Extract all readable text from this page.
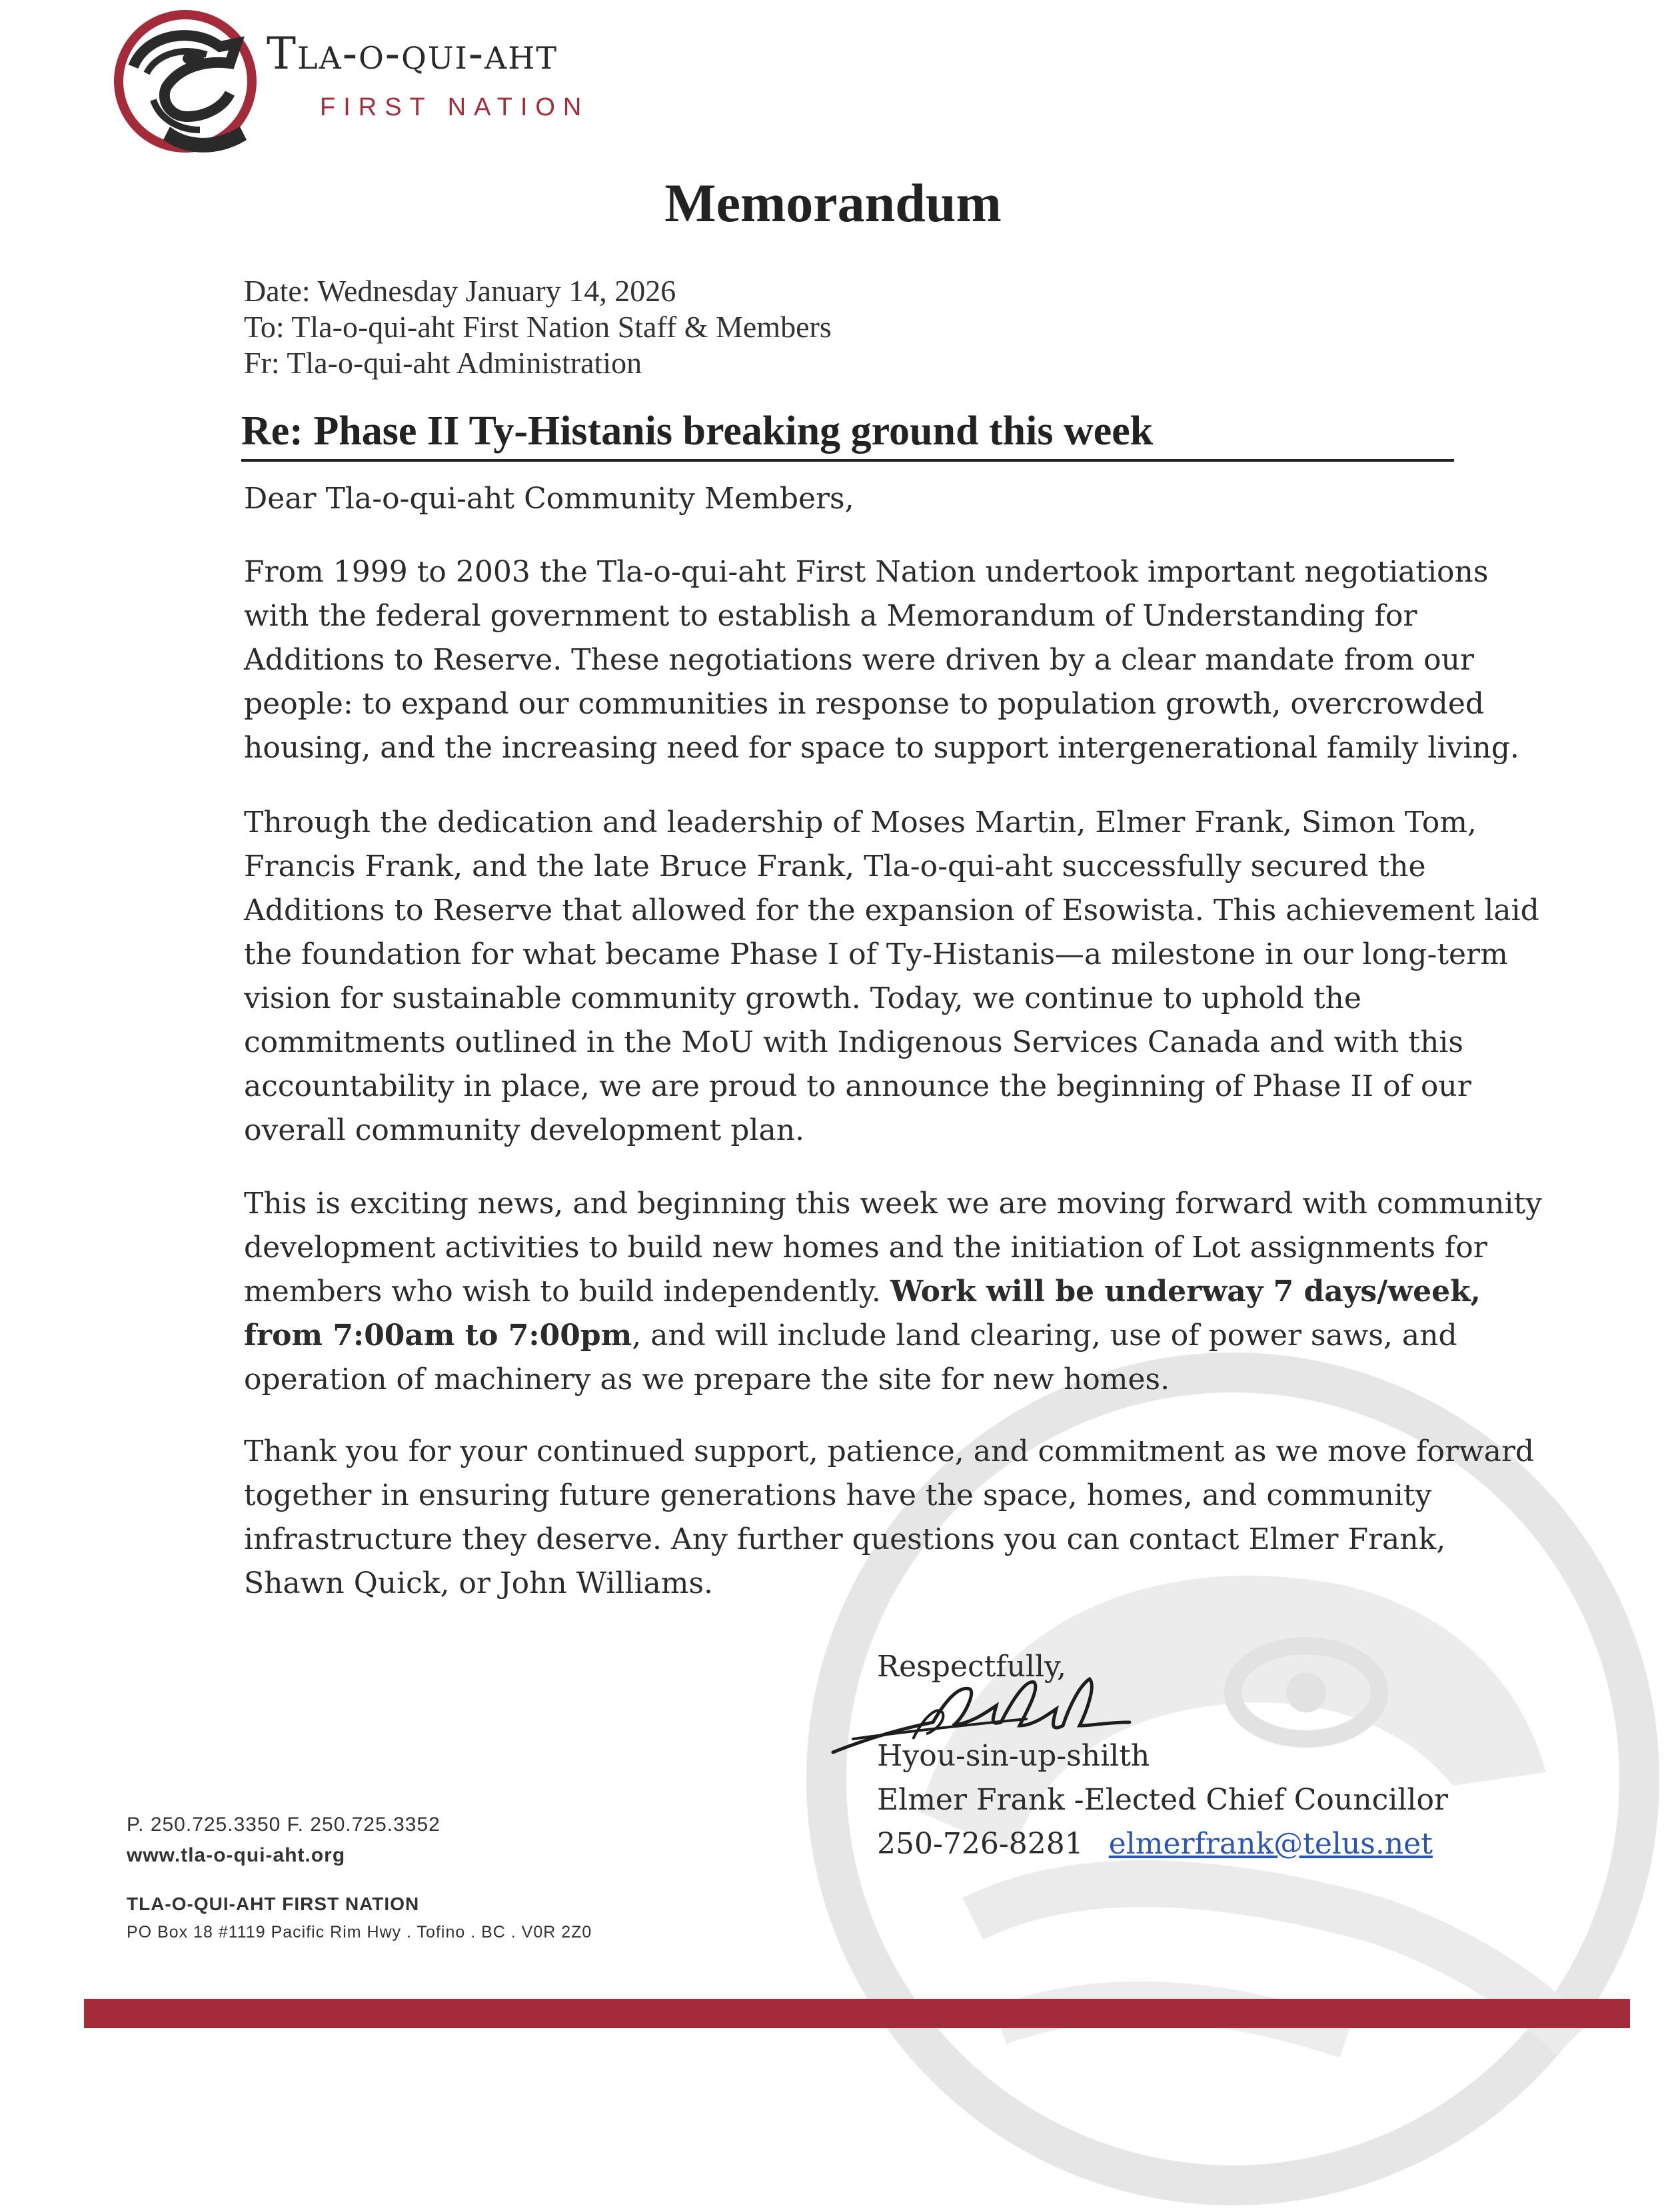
Tla-o-qui-aht
FIRST NATION
Memorandum
Date: Wednesday January 14, 2026
To: Tla-o-qui-aht First Nation Staff & Members
Fr: Tla-o-qui-aht Administration
Re: Phase II Ty-Histanis breaking ground this week
Dear Tla-o-qui-aht Community Members,
From 1999 to 2003 the Tla-o-qui-aht First Nation undertook important negotiations
with the federal government to establish a Memorandum of Understanding for
Additions to Reserve. These negotiations were driven by a clear mandate from our
people: to expand our communities in response to population growth, overcrowded
housing, and the increasing need for space to support intergenerational family living.
Through the dedication and leadership of Moses Martin, Elmer Frank, Simon Tom,
Francis Frank, and the late Bruce Frank, Tla-o-qui-aht successfully secured the
Additions to Reserve that allowed for the expansion of Esowista. This achievement laid
the foundation for what became Phase I of Ty-Histanis—a milestone in our long-term
vision for sustainable community growth. Today, we continue to uphold the
commitments outlined in the MoU with Indigenous Services Canada and with this
accountability in place, we are proud to announce the beginning of Phase II of our
overall community development plan.
This is exciting news, and beginning this week we are moving forward with community
development activities to build new homes and the initiation of Lot assignments for
members who wish to build independently. Work will be underway 7 days/week,
from 7:00am to 7:00pm, and will include land clearing, use of power saws, and
operation of machinery as we prepare the site for new homes.
Thank you for your continued support, patience, and commitment as we move forward
together in ensuring future generations have the space, homes, and community
infrastructure they deserve. Any further questions you can contact Elmer Frank,
Shawn Quick, or John Williams.
Respectfully,
Hyou-sin-up-shilth
Elmer Frank -Elected Chief Councillor
250-726-8281 elmerfrank@telus.net
P. 250.725.3350 F. 250.725.3352
www.tla-o-qui-aht.org
TLA-O-QUI-AHT FIRST NATION
PO Box 18 #1119 Pacific Rim Hwy . Tofino . BC . V0R 2Z0
